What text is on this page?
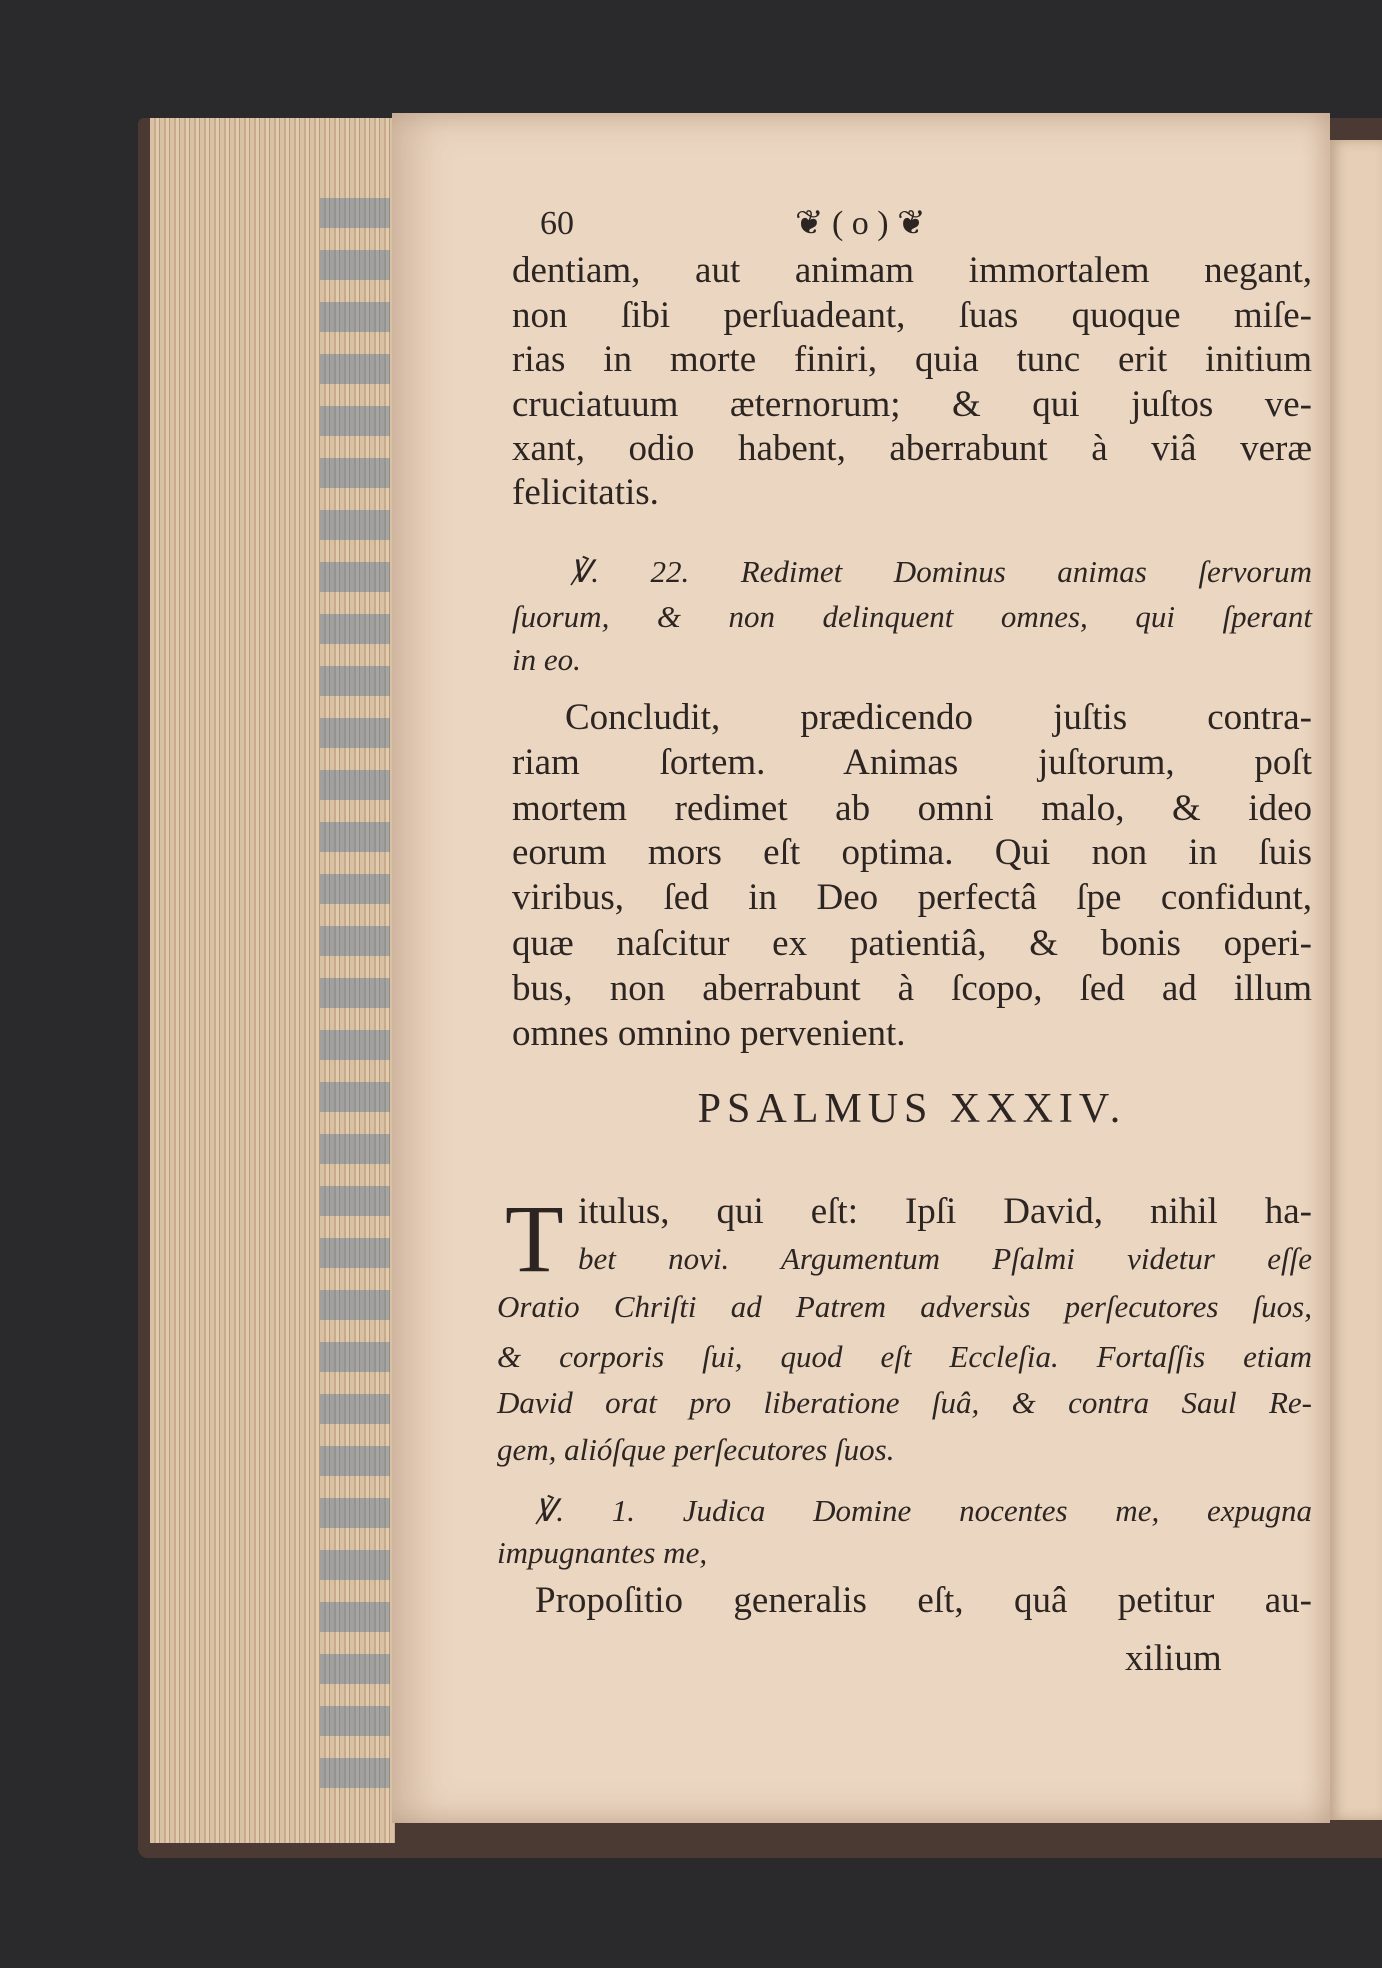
60	❦ ( o ) ❦
dentiam, aut animam immortalem negant,
non ſibi perſuadeant, ſuas quoque miſe-
rias in morte finiri, quia tunc erit initium
cruciatuum æternorum; & qui juſtos ve-
xant, odio habent, aberrabunt à viâ veræ
felicitatis.
℣. 22. Redimet Dominus animas ſervorum
ſuorum, & non delinquent omnes, qui ſperant
in eo.
Concludit, prædicendo juſtis contra-
riam ſortem. Animas juſtorum, poſt
mortem redimet ab omni malo, & ideo
eorum mors eſt optima. Qui non in ſuis
viribus, ſed in Deo perfectâ ſpe confidunt,
quæ naſcitur ex patientiâ, & bonis operi-
bus, non aberrabunt à ſcopo, ſed ad illum
omnes omnino pervenient.
PSALMUS XXXIV.
T itulus, qui eſt: Ipſi David, nihil ha-
bet novi. Argumentum Pſalmi videtur eſſe
Oratio Chriſti ad Patrem adversùs perſecutores ſuos,
& corporis ſui, quod eſt Eccleſia. Fortaſſis etiam
David orat pro liberatione ſuâ, & contra Saul Re-
gem, alióſque perſecutores ſuos.
℣. 1. Judica Domine nocentes me, expugna
impugnantes me,
Propoſitio generalis eſt, quâ petitur au-
xilium
